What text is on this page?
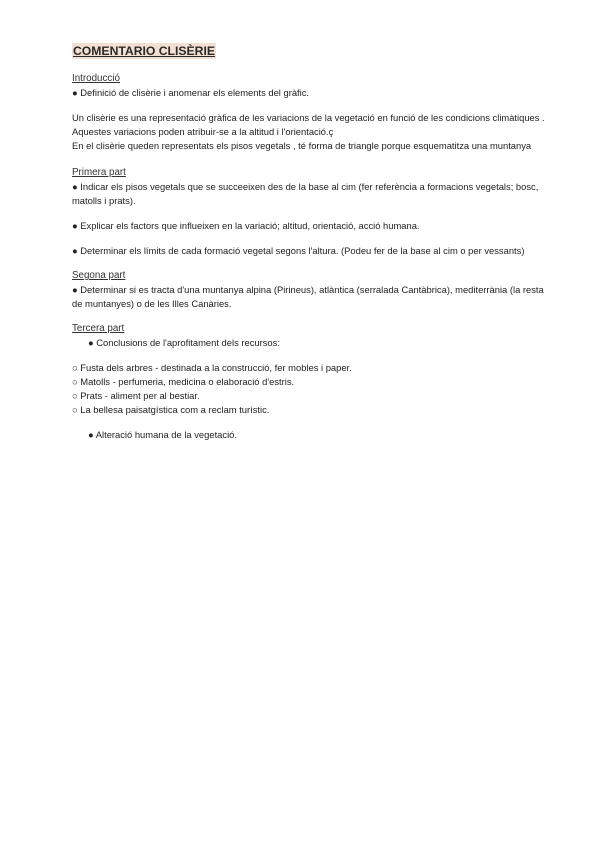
COMENTARIO CLISÈRIE
Introducció

● Definició de clisèrie i anomenar els elements del gràfic.

Un clisèrie es una representació gràfica de les variacions de la vegetació en funció de les condicions climàtiques . Aquestes variacions poden atribuir-se a la altitud i l'orientació.ç

En el clisèrie queden representats els pisos vegetals , té forma de triangle porque esquematitza una muntanya

Primera part

● Indicar els pisos vegetals que se succeeixen des de la base al cim (fer referència a formacions vegetals; bosc, matolls i prats).

● Explicar els factors que influeixen en la variació; altitud, orientació, acció humana.

● Determinar els límits de cada formació vegetal segons l'altura. (Podeu fer de la base al cim o per vessants)

Segona part

● Determinar si es tracta d'una muntanya alpina (Pirineus), atlàntica (serralada Cantàbrica), mediterrània (la resta de muntanyes) o de les Illes Canàries.

Tercera part

● Conclusions de l'aprofitament dels recursos:

○ Fusta dels arbres - destinada a la construcció, fer mobles i paper.

○ Matolls - perfumeria, medicina o elaboració d'estris.

○ Prats - aliment per al bestiar.

○ La bellesa paisatgística com a reclam turístic.

● Alteració humana de la vegetació.
